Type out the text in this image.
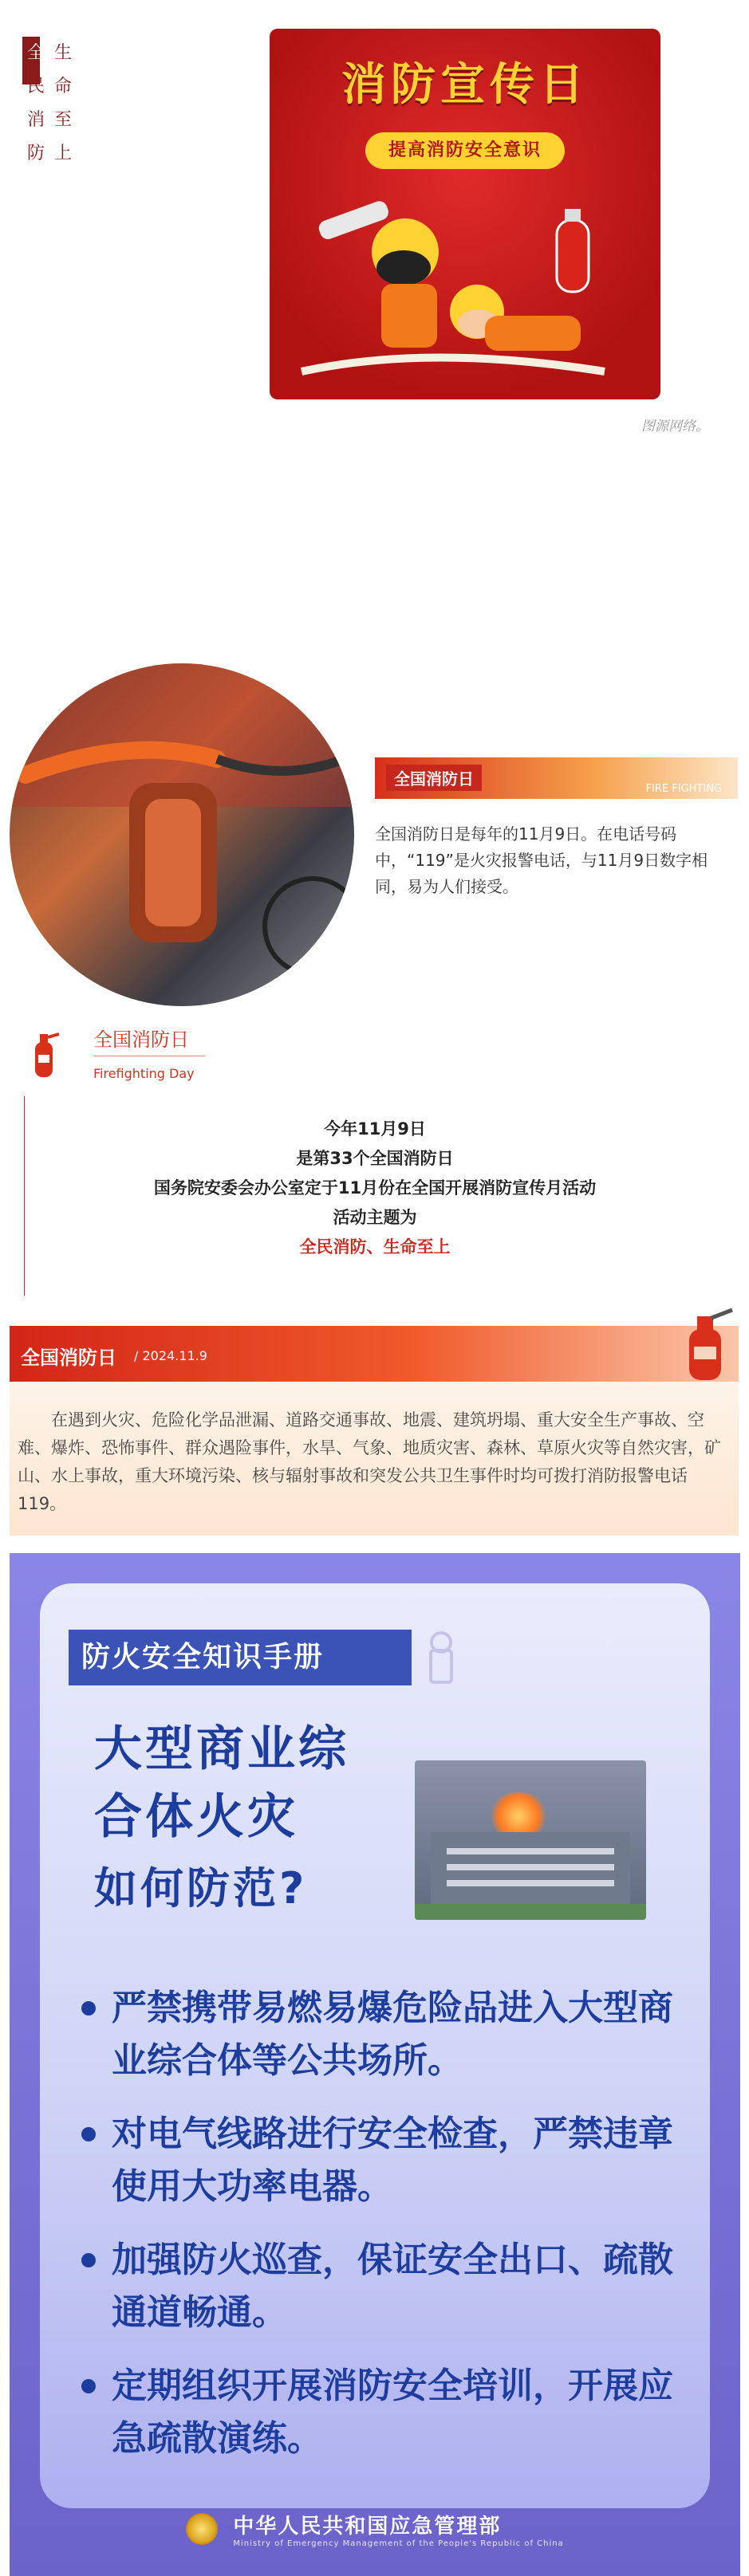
全
民
消
防
生
命
至
上
消防宣传日
提高消防安全意识
图源网络。
全国消防日
FIRE FIGHTING
全国消防日是每年的11月9日。在电话号码中，“119”是火灾报警电话，与11月9日数字相同，易为人们接受。
全国消防日
Firefighting Day
今年11月9日
是第33个全国消防日
国务院安委会办公室定于11月份在全国开展消防宣传月活动
活动主题为
全民消防、生命至上
全国消防日 / 2024.11.9
在遇到火灾、危险化学品泄漏、道路交通事故、地震、建筑坍塌、重大安全生产事故、空难、爆炸、恐怖事件、群众遇险事件，水旱、气象、地质灾害、森林、草原火灾等自然灾害，矿山、水上事故，重大环境污染、核与辐射事故和突发公共卫生事件时均可拨打消防报警电话119。
防火安全知识手册
大型商业综
合体火灾
如何防范?
严禁携带易燃易爆危险品进入大型商业综合体等公共场所。
对电气线路进行安全检查，严禁违章使用大功率电器。
加强防火巡查，保证安全出口、疏散通道畅通。
定期组织开展消防安全培训，开展应急疏散演练。

中华人民共和国应急管理部
Ministry of Emergency Management of the People's Republic of China
